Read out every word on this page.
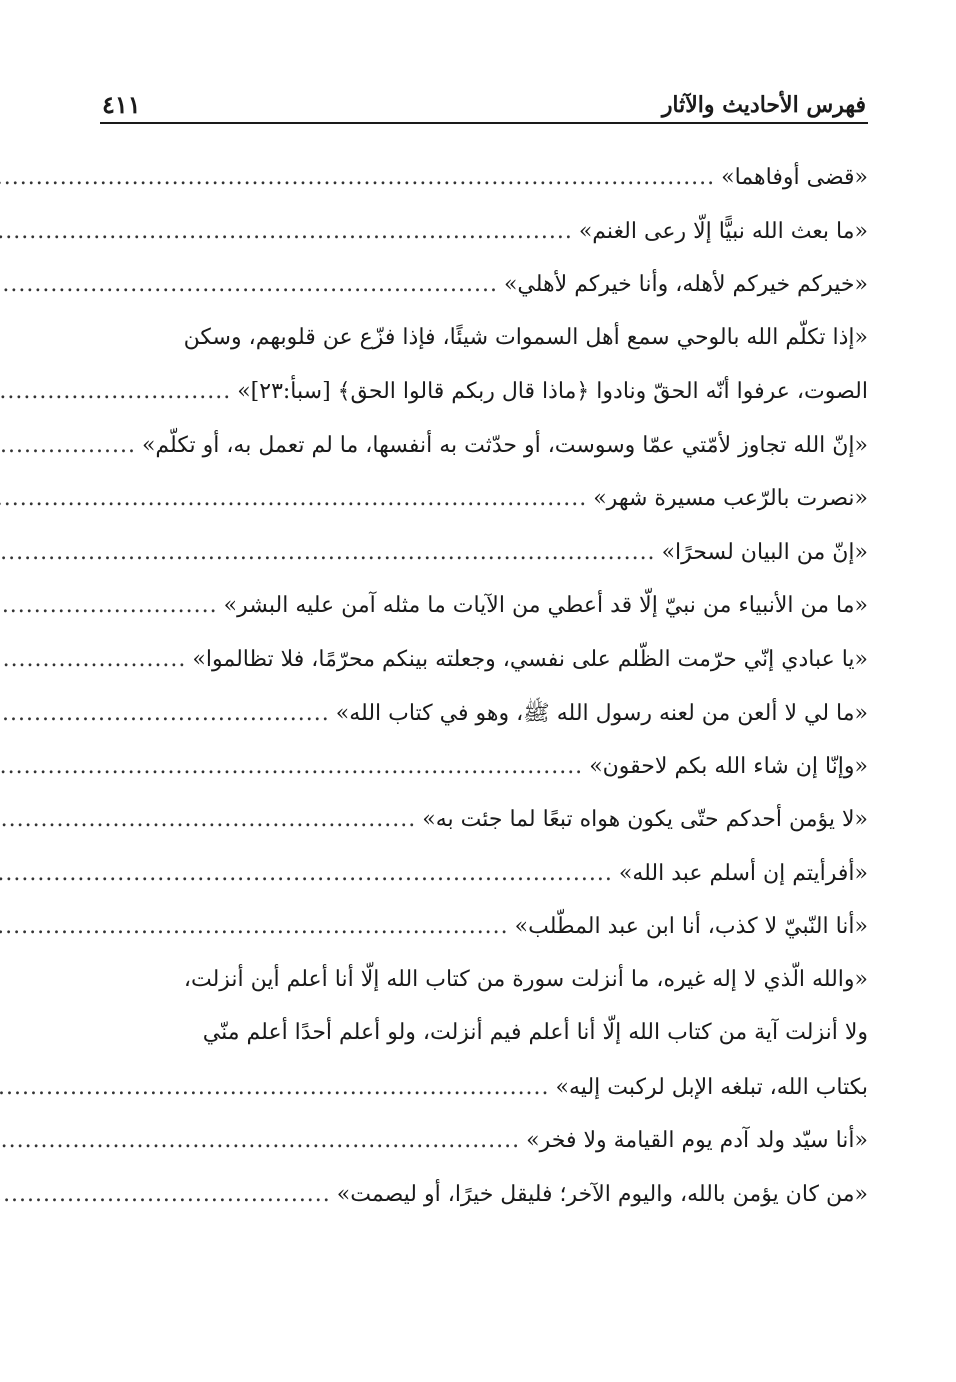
فهرس الأحاديث والآثار
٤١١
«قضى أوفاهما»
.....
«ما بعث الله نبيًّا إلّا رعى الغنم»
.....
«خيركم خيركم لأهله، وأنا خيركم لأهلي»
.....
«إذا تكلّم الله بالوحي سمع أهل السموات شيئًا، فإذا فزّع عن قلوبهم، وسكن
الصوت، عرفوا أنّه الحقّ ونادوا ﴿ماذا قال ربكم قالوا الحق﴾ [سبأ:٢٣]»
.....
«إنّ الله تجاوز لأمّتي عمّا وسوست، أو حدّثت به أنفسها، ما لم تعمل به، أو تكلّم»
.....
«نصرت بالرّعب مسيرة شهر»
.....
«إنّ من البيان لسحرًا»
.....
«ما من الأنبياء من نبيّ إلّا قد أعطي من الآيات ما مثله آمن عليه البشر»
.....
«يا عبادي إنّي حرّمت الظّلم على نفسي، وجعلته بينكم محرّمًا، فلا تظالموا»
.....
«ما لي لا ألعن من لعنه رسول الله ﷺ، وهو في كتاب الله»
.....
«وإنّا إن شاء الله بكم لاحقون»
.....
«لا يؤمن أحدكم حتّى يكون هواه تبعًا لما جئت به»
.....
«أفرأيتم إن أسلم عبد الله»
.....
«أنا النّبيّ لا كذب، أنا ابن عبد المطّلب»
.....
«والله الّذي لا إله غيره، ما أنزلت سورة من كتاب الله إلّا أنا أعلم أين أنزلت،
ولا أنزلت آية من كتاب الله إلّا أنا أعلم فيم أنزلت، ولو أعلم أحدًا أعلم منّي
بكتاب الله، تبلغه الإبل لركبت إليه»
.....
«أنا سيّد ولد آدم يوم القيامة ولا فخر»
.....
«من كان يؤمن بالله، واليوم الآخر؛ فليقل خيرًا، أو ليصمت»
.....
